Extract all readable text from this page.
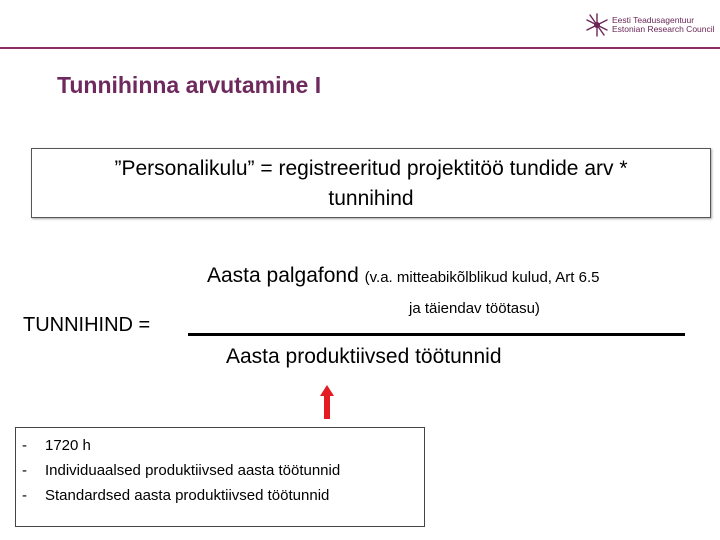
Eesti Teadusagentuur
Estonian Research Council
Tunnihinna arvutamine I
”Personalikulu” = registreeritud projektitöö tundide arv *
tunnihind
Aasta palgafond (v.a. mitteabikõlblikud kulud, Art 6.5
ja täiendav töötasu)
TUNNIHIND =
Aasta produktiivsed töötunnid
- 1720 h
- Individuaalsed produktiivsed aasta töötunnid
- Standardsed aasta produktiivsed töötunnid
